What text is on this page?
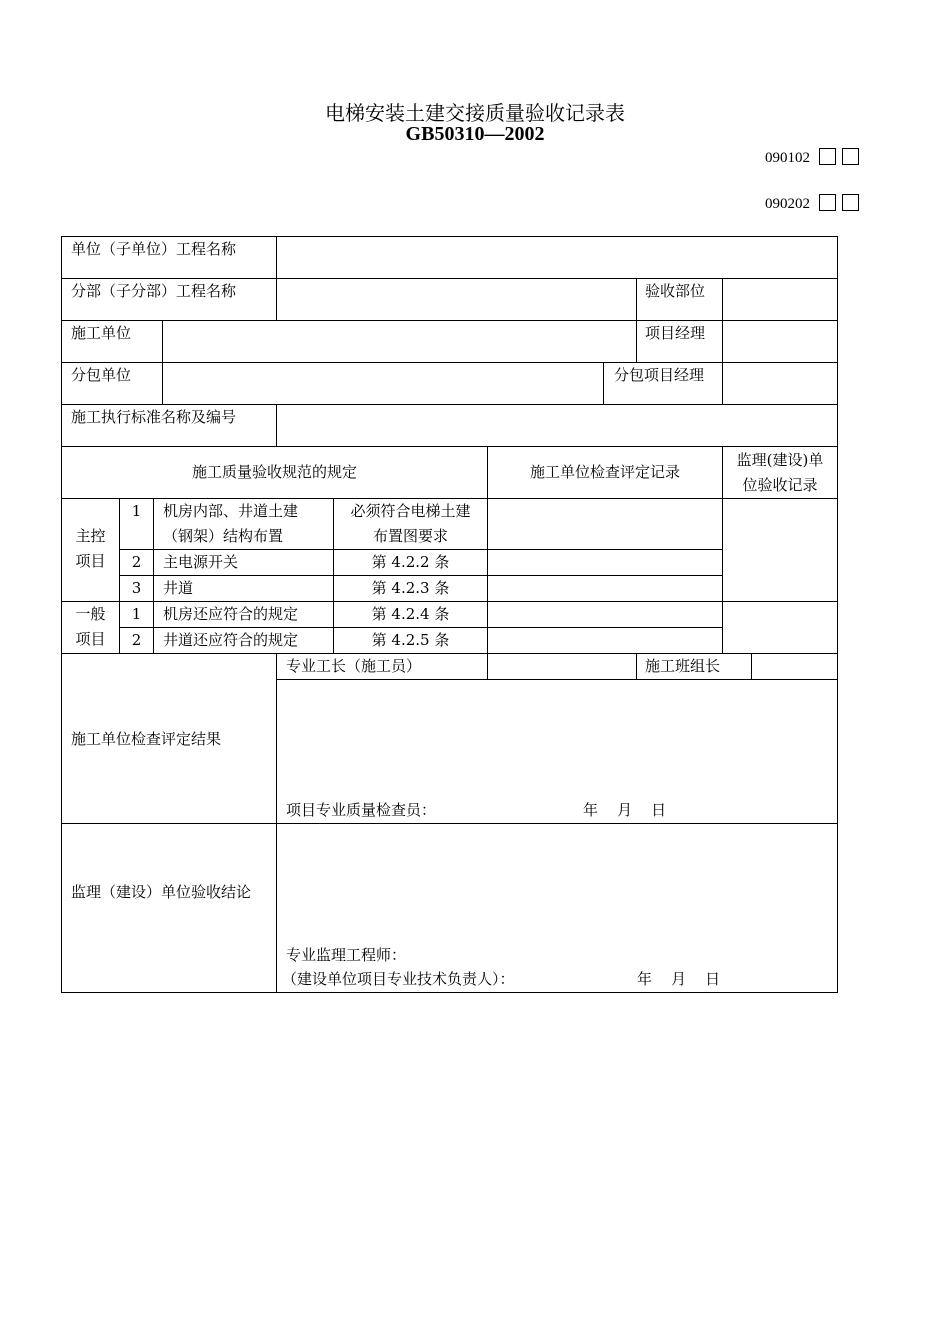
电梯安装土建交接质量验收记录表
GB50310—2002
090102
090202
单位（子单位）工程名称
分部（子分部）工程名称	验收部位
施工单位	项目经理
分包单位	分包项目经理
施工执行标准名称及编号
施工质量验收规范的规定	施工单位检查评定记录
监理(建设)单
位验收记录
主控
项目
1	机房内部、井道土建
（钢架）结构布置
必须符合电梯土建
布置图要求
2	主电源开关	第 4.2.2 条
3	井道	第 4.2.3 条
一般
项目
1	机房还应符合的规定	第 4.2.4 条
2	井道还应符合的规定	第 4.2.5 条
专业工长（施工员）	施工班组长
施工单位检查评定结果
项目专业质量检查员：	年    月    日
监理（建设）单位验收结论
专业监理工程师：
（建设单位项目专业技术负责人）：	年    月    日
